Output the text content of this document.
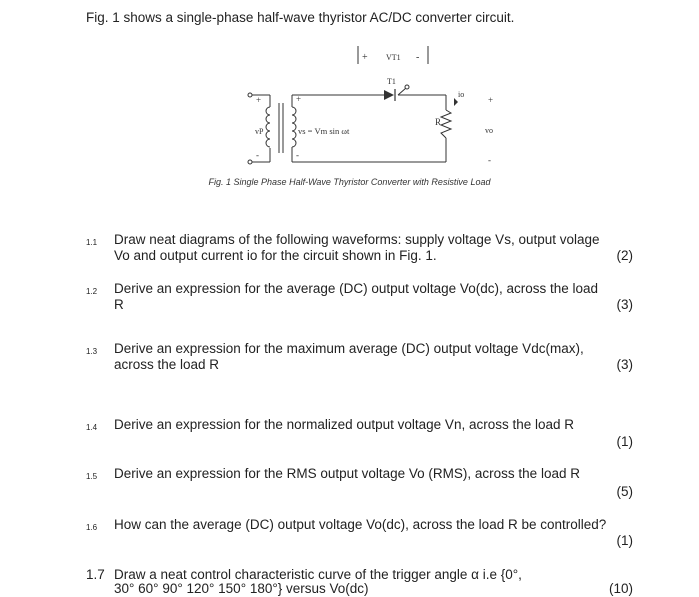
Fig. 1 shows a single-phase half-wave thyristor AC/DC converter circuit.
+ VT1 -
T1
+
-
vP
+
-
vs = Vm sin ωt
R
io
+
vo
-
Fig. 1 Single Phase Half-Wave Thyristor Converter with Resistive Load
1.1 Draw neat diagrams of the following waveforms: supply voltage Vs, output volage
Vo and output current io for the circuit shown in Fig. 1.	(2)
1.2 Derive an expression for the average (DC) output voltage Vo(dc), across the load
R	(3)
1.3 Derive an expression for the maximum average (DC) output voltage Vdc(max),
across the load R	(3)
1.4 Derive an expression for the normalized output voltage Vn, across the load R
(1)
1.5 Derive an expression for the RMS output voltage Vo (RMS), across the load R
(5)
1.6 How can the average (DC) output voltage Vo(dc), across the load R be controlled?
(1)
1.7 Draw a neat control characteristic curve of the trigger angle α i.e {0°,
30° 60° 90° 120° 150° 180°} versus Vo(dc)	(10)
